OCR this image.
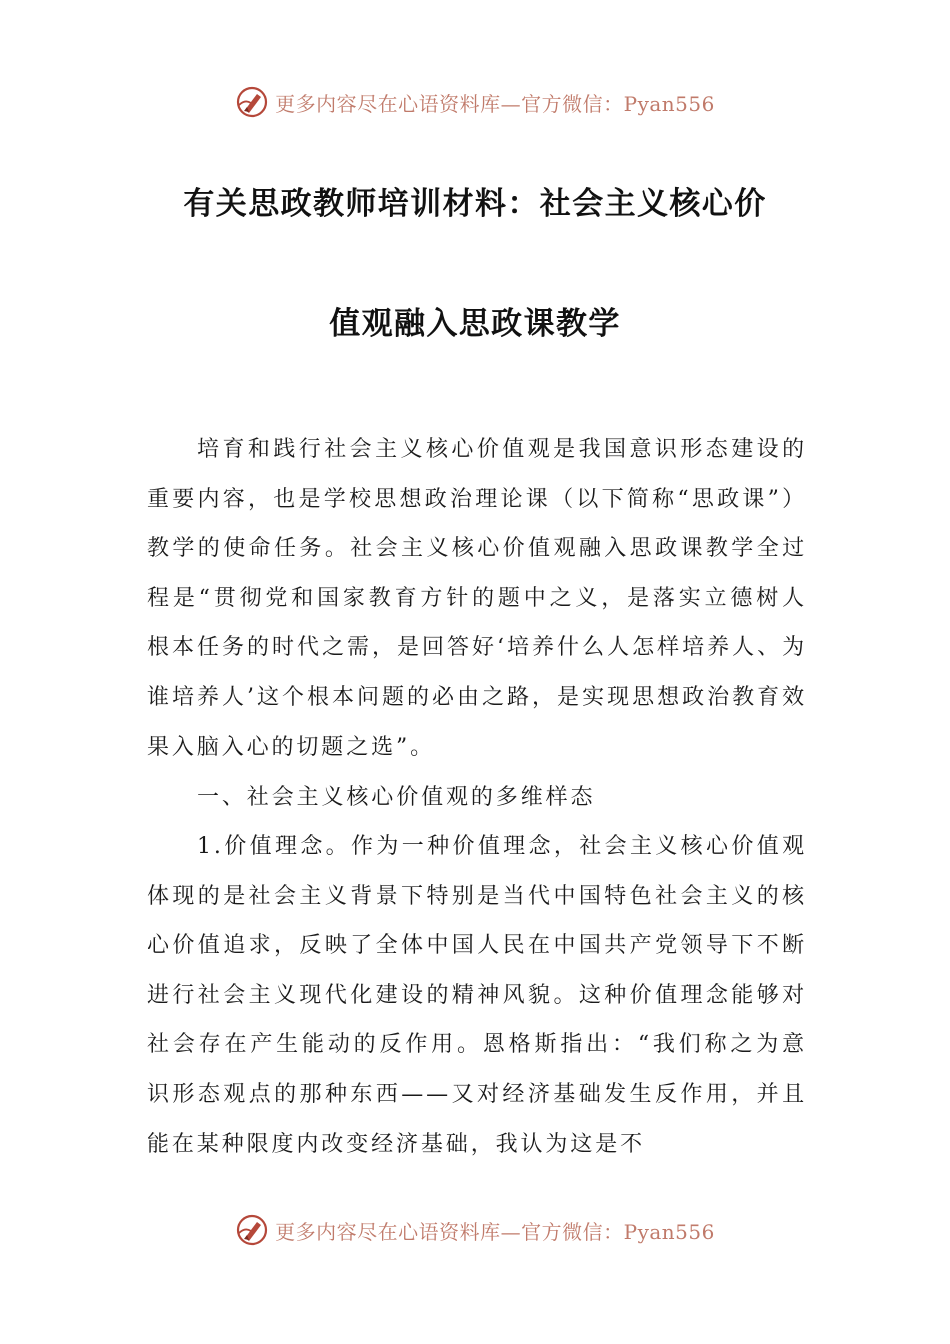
更多内容尽在心语资料库—官方微信：Pyan556
有关思政教师培训材料：社会主义核心价
值观融入思政课教学
培育和践行社会主义核心价值观是我国意识形态建设的重要内容，也是学校思想政治理论课（以下简称“思政课”）教学的使命任务。社会主义核心价值观融入思政课教学全过程是“贯彻党和国家教育方针的题中之义，是落实立德树人根本任务的时代之需，是回答好‘培养什么人怎样培养人、为谁培养人’这个根本问题的必由之路，是实现思想政治教育效果入脑入心的切题之选”。
一、社会主义核心价值观的多维样态
1.价值理念。作为一种价值理念，社会主义核心价值观体现的是社会主义背景下特别是当代中国特色社会主义的核心价值追求，反映了全体中国人民在中国共产党领导下不断进行社会主义现代化建设的精神风貌。这种价值理念能够对社会存在产生能动的反作用。恩格斯指出：“我们称之为意识形态观点的那种东西——又对经济基础发生反作用，并且能在某种限度内改变经济基础，我认为这是不
更多内容尽在心语资料库—官方微信：Pyan556
